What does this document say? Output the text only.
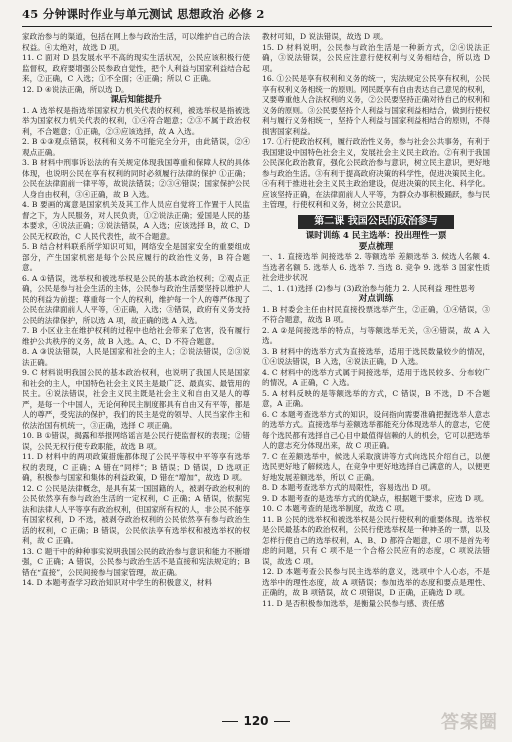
45 分钟课时作业与单元测试 思想政治 必修 2

家政治参与的渠道，包括在网上参与政治生活，可以维护自己的合法权益。④太绝对，故选 D 项。

11. C 面对 D 县发展水平不高的现实生活状况，公民应该积极行使监督权，政府要增强公民参政自觉性，把个人利益与国家利益结合起来，②正确，C 入选；①不全面；④正确；所以 C 正确。

12. D ④说法正确，所以选 D。

课后知能提升

1. A 选举权是指选举国家权力机关代表的权利，被选举权是指被选举为国家权力机关代表的权利，①④符合题意；②③不属于政治权利，不合题意；①正确，②③应该选择，故 A 入选。

2. B ①③观点错误，权利和义务不可能完全分开，由此错误，②④观点正确。

3. B 材料中刑事诉讼法的有关规定体现我国尊重和保障人权的具体体现，也说明公民在享有权利的同时必须履行法律的保护 ①正确；公民在法律面前一律平等，故说法错误；②③④错误；国家保护公民人身自由权利，③④正确，故 B 入选。

4. B 要画的寓意是国家机关及其工作人员应自觉将工作置于人民监督之下，为人民服务，对人民负责，①②说法正确；爱国是人民的基本要求，④说法正确；③说法错误，A 入选；应该选择 B，故 C、D 公民无权政治，C 人民代表性，故不合题意。

5. B 结合材料联系所学知识可知，网络安全是国家安全的重要组成部分，产生国家机密是每个公民应履行的政治性义务，B 符合题意。

6. A ①错误，选举权和被选举权是公民的基本政治权利；②观点正确，公民是参与社会生活的主体，公民参与政治生活要坚持以维护人民的利益为前提；尊重每一个人的权利，维护每一个人的尊严体现了公民在法律面前人人平等，④正确，入选；③错误，政府有义务支持公民的法律保护，所以选 A 项，故正确的选 A 入选。

7. B 小区业主在维护权利的过程中也给社会带来了危害，没有履行维护公共秩序的义务，故 B 入选。A、C、D 不符合题意。

8. A ③说法错误，人民是国家和社会的主人；②说法错误，②③说法正确。

9. C 材料说明我国公民的基本政治权利，也说明了我国人民是国家和社会的主人，中国特色社会主义民主是最广泛、最真实、最管用的民主。④说法错误，社会主义民主既是社会主义和自由又是人的尊严，是每一个中国人，无论何种民主制度都具有自由又有平等，都是人的尊严，受宪法的保护，我们的民主是党的领导、人民当家作主和依法治国有机统一，③正确，选择 C 项正确。

10. B ①错误，揭露和举报网络谣言是公民行使监督权的表现；②错误，公民无权行使专政职能，故选 B 项。

11. D 材料中的两项政策措施都体现了公民平等权中平等享有选举权的表现，C 正确；A 错在“同样”；B 错误；D 错误，D 选项正确，积极参与国家和集体的利益政策，D 错在“增加”，故选 D 项。

12. C 公民是法律概念，是具有某一国国籍的人，被剥夺政治权利的公民依然享有参与政治生活的一定权利，C 正确；A 错误，依据宪法和法律人人平等享有政治权利，但国家所有权的人，非公民不能享有国家权利，D 不选，被剥夺政治权利的公民依然享有参与政治生活的权利，C 正确；B 错误，公民依法享有选举权和被选举权的权利，故 C 正确。

13. C 题干中的种种事实说明我国公民的政治参与意识和能力不断增强，C 正确；A 错误，公民参与政治生活不是直接和宪法规定的；B 错在“直接”，公民间接参与国家管理，故正确。

14. D 本题考查学习政治知识对中学生的积极意义，材料

教材可知，D 说法错误，故选 D 项。

15. D 材料说明，公民参与政治生活是一种新方式，②④说法正确，③说法错误，公民应注意行使权利与义务相结合，所以选 D 项。

16. ①公民是享有权利和义务的统一，宪法规定公民享有权利，公民享有权利义务相统一的原则。网民既享有自由表达自己意见的权利，又要尊重他人合法权利的义务，②公民要坚持正确对待自己的权利和义务的原则。③公民要坚持个人利益与国家利益相结合，做到行使权利与履行义务相统一，坚持个人利益与国家利益相结合的原则，不得损害国家利益。

17. ①行使政治权利，履行政治性义务，参与社会公共事务，有利于我国建设中国特色社会主义，发展社会主义民主政治。②有利于我国公民深化政治教育，强化公民政治参与意识，树立民主意识，更好地参与政治生活。③有利于提高政府决策的科学性，促进决策民主化。④有利于推进社会主义民主政治建设，促进决策的民主化、科学化。应该坚持正确，在法律面前人人平等，为群众办事积极踊跃，参与民主管理，行使权利和义务，树立公民意识。

第二课 我国公民的政治参与

课时训练 4 民主选举：投出理性一票

要点梳理

一、1. 直接选举 间接选举 2. 等额选举 差额选举 3. 候选人名额 4. 当选者名额 5. 选举人 6. 选举 7. 当选 8. 竞争 9. 选举 3 国家性质 社会进步状况

二、1. (1)选择 (2)参与 (3)政治参与能力 2. 人民利益 理性思考

对点训练

1. B 村委会主任由村民直接投票选举产生，②正确，①④错误，③不符合题意，故选 B 项。

2. A ②是间接选举的特点，与等额选举无关，③④错误，故 A 入选。

3. B 材料中的选举方式为直接选举，适用于选民数量较少的情况，①④说法错误，B 入选，④说法正确，D 入选。

4. C 材料中的选举方式属于间接选举，适用于选民较多、分布较广的情况，A 正确，C 入选。

5. A 材料反映的是等额选举的方式，C 错误，B 不选，D 不合题意，A 正确。

6. C 本题考查选举方式的知识，设问指向需要准确把握选举人意志的选举方式。直接选举与差额选举都能充分体现选举人的意志，它使每个选民都有选择自己心目中最值得信赖的人的机会，它可以把选举人的意志充分体现出来，故 C 项正确。

7. C 在差额选举中，候选人采取演讲等方式向选民介绍自己，以便选民更好地了解候选人，在竞争中更好地选择自己满意的人，以便更好地发展差额选举，所以 C 正确。

8. D 本题考查选举方式的局限性，容易选出 D 项。

9. D 本题考查的是选举方式的优缺点，根据题干要求，应选 D 项。

10. C 本题考查的是选举制度，故选 C 项。

11. B 公民的选举权和被选举权是公民行使权利的重要体现。选举权是公民最基本的政治权利，公民行使选举权是一种神圣的一票，以及怎样行使自己的选举权利，A、B、D 都符合题意，C 项不是首先考虑的问题，只有 C 项不是一个合格公民应有的态度，C 项说法错误，故选 C 项。

12. D 本题考查公民参与民主选举的意义，选项中个人心态，不是选举中的理性态度，故 A 项错误；参加选举的态度和要点是理性、正确的，故 B 项错误，故 C 项错误，D 正确，正确选 D 项。

11. D 是否积极参加选举，是衡量公民参与感、责任感

120	答案圈
